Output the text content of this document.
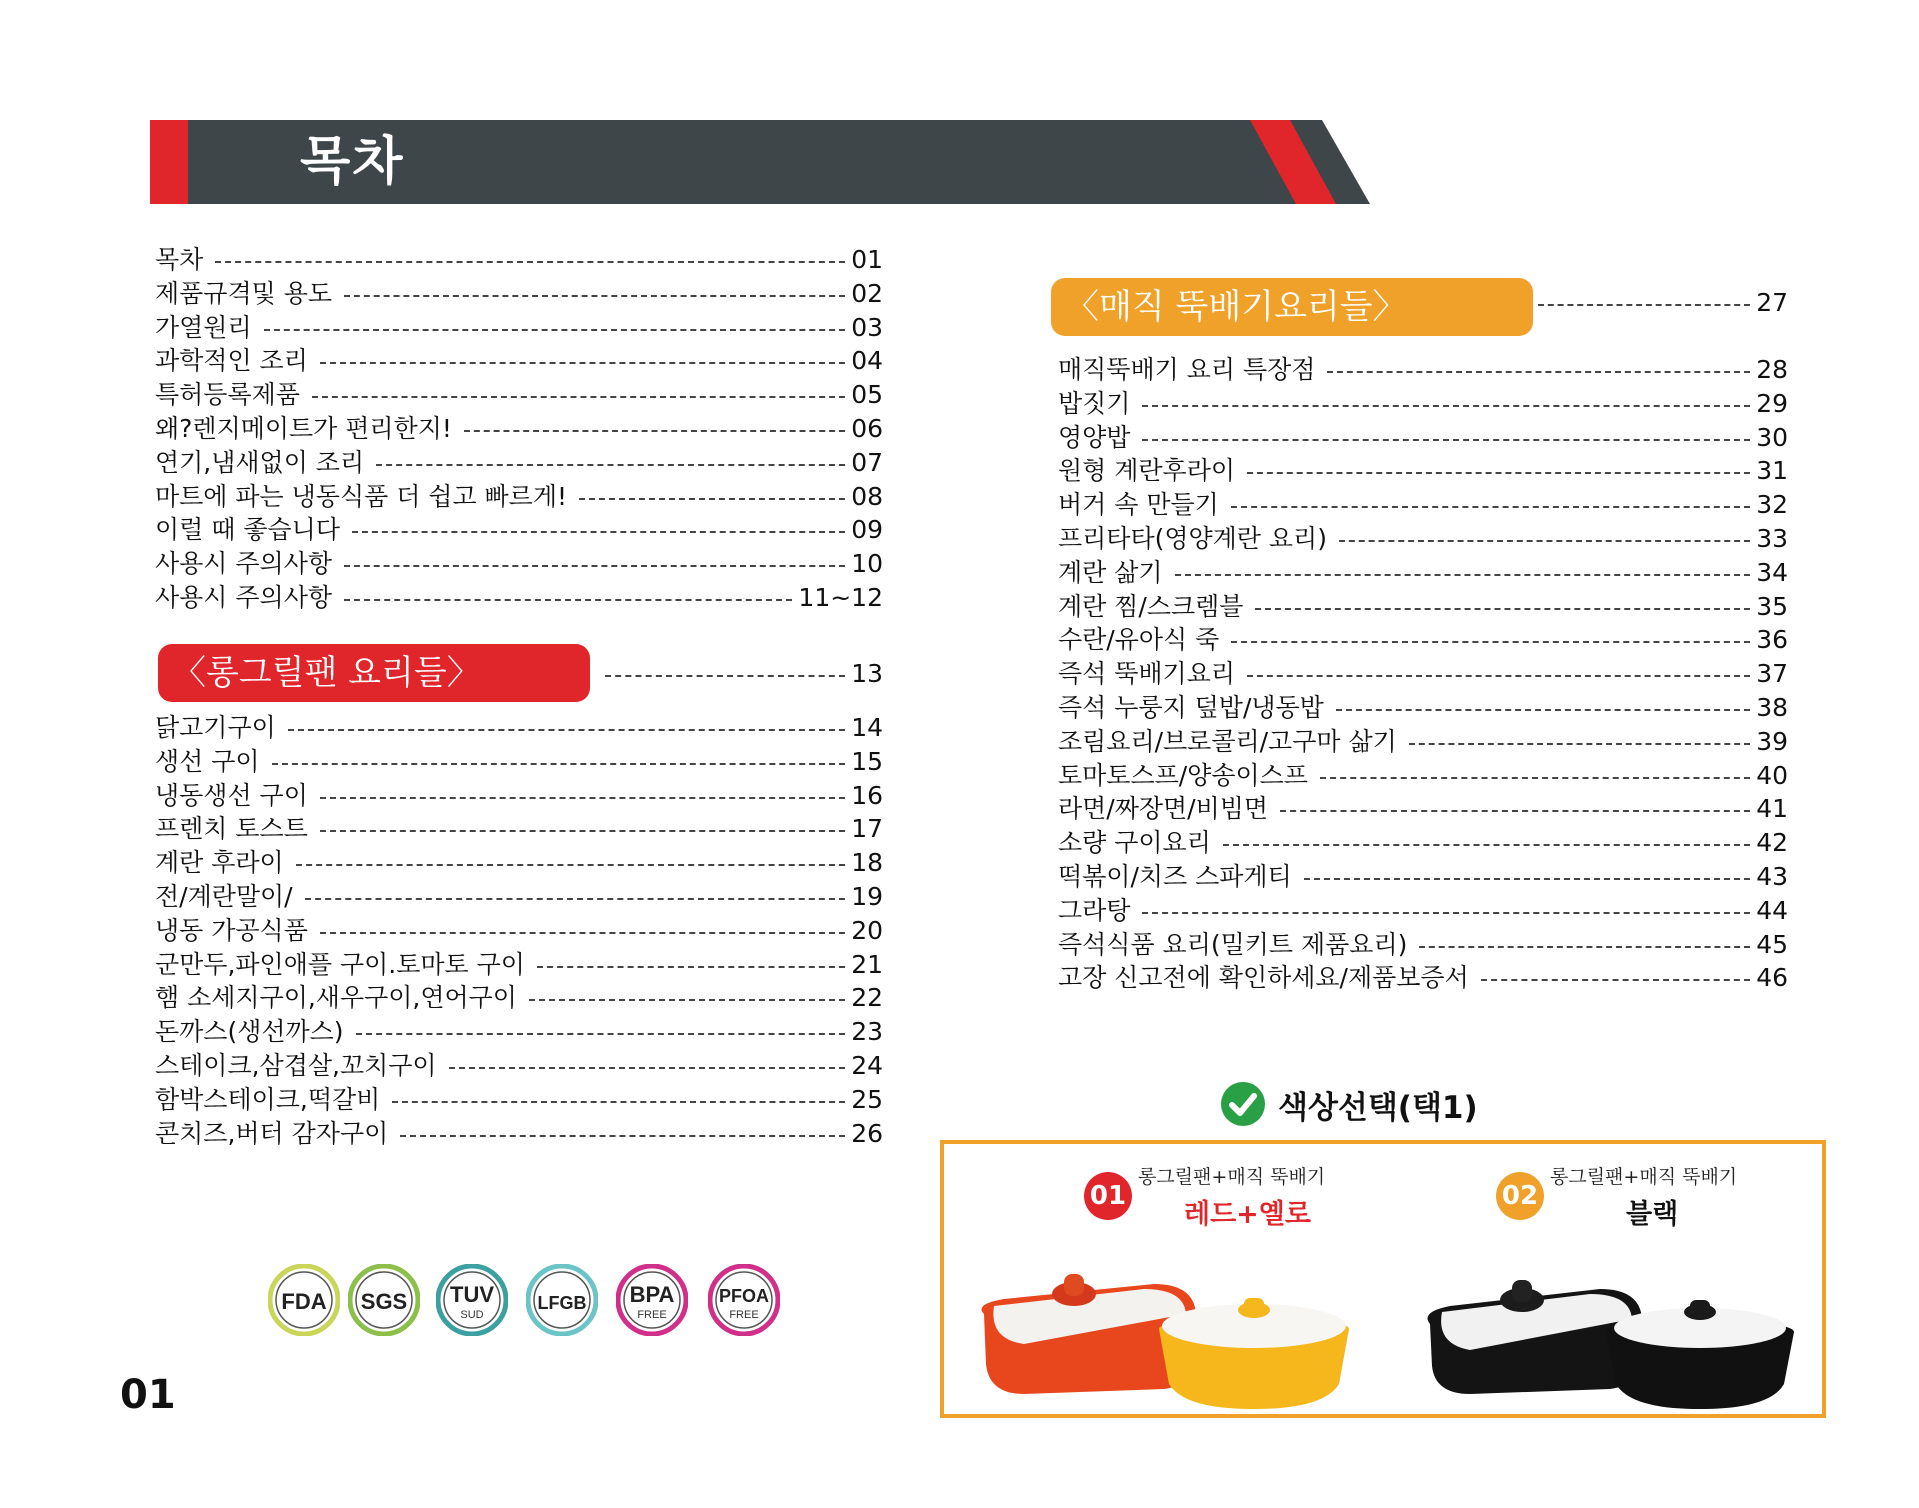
목차
목차	01
제품규격및 용도	02
가열원리	03
과학적인 조리	04
특허등록제품	05
왜?렌지메이트가 편리한지!	06
연기,냄새없이 조리	07
마트에 파는 냉동식품 더 쉽고 빠르게!	08
이럴 때 좋습니다	09
사용시 주의사항	10
사용시 주의사항	11~12
〈롱그릴팬 요리들〉	13
닭고기구이	14
생선 구이	15
냉동생선 구이	16
프렌치 토스트	17
계란 후라이	18
전/계란말이/	19
냉동 가공식품	20
군만두,파인애플 구이.토마토 구이	21
햄 소세지구이,새우구이,연어구이	22
돈까스(생선까스)	23
스테이크,삼겹살,꼬치구이	24
함박스테이크,떡갈비	25
콘치즈,버터 감자구이	26
〈매직 뚝배기요리들〉	27
매직뚝배기 요리 특장점	28
밥짓기	29
영양밥	30
원형 계란후라이	31
버거 속 만들기	32
프리타타(영양계란 요리)	33
계란 삶기	34
계란 찜/스크렘블	35
수란/유아식 죽	36
즉석 뚝배기요리	37
즉석 누룽지 덮밥/냉동밥	38
조림요리/브로콜리/고구마 삶기	39
토마토스프/양송이스프	40
라면/짜장면/비빔면	41
소량 구이요리	42
떡볶이/치즈 스파게티	43
그라탕	44
즉석식품 요리(밀키트 제품요리)	45
고장 신고전에 확인하세요/제품보증서	46
색상선택(택1)
01
롱그릴팬+매직 뚝배기
레드+옐로
02
롱그릴팬+매직 뚝배기
블랙
FDA SGS TUV
SUD
LFGB BPA
FREE
PFOA
FREE
01
